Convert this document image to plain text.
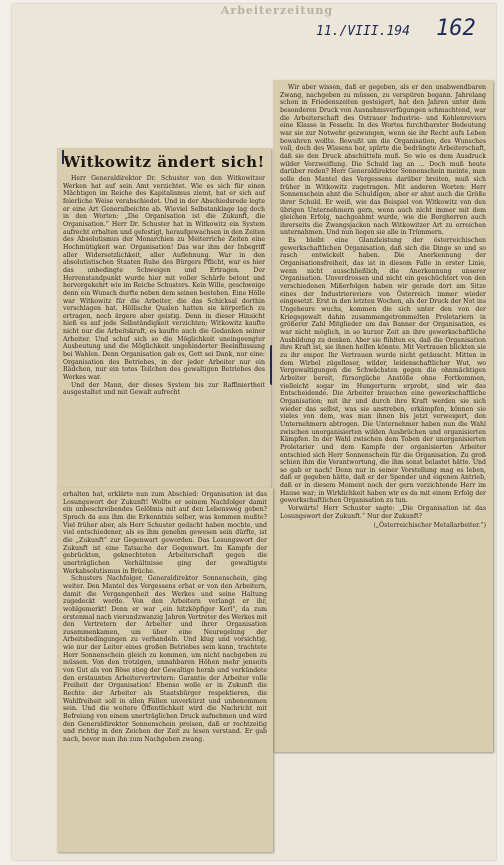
Arbeiterzeitung
11./VIII.194 162

Wir aber wissen, daß er gegeben, als er den unabwendbaren Zwang, nachgeben zu müssen, zu verspüren begann. Jahrelang schon in Friedenszeiten gesteigert, hat den Jahren unter dem besonderen Druck von Ausnahmsverfügungen schmachtend, war die Arbeiterschaft des Ostrauer Industrie- und Kohlenreviers eine Klasse in Fesseln. In des Wortes furchtbarster Bedeutung war sie zur Notwehr gezwungen, wenn sie ihr Recht aufs Leben bewahren wollte. Bewußt um die Organisation, des Wunsches voll, doch des Wissens bar, spürte die bedrängte Arbeiterschaft, daß sie den Druck abschütteln muß. So wie es dem Ausdruck wilder Verzweiflung. Die Schuld lag an ... Doch muß heute darüber reden? Herr Generaldirektor Sonnenschein meinte, man solle den Mantel des Vergessens darüber breiten, muß sich früher in Witkowitz zugetragen. Mit anderen Worten: Herr Sonnenschein ahnt die Schuldigen, aber er ahnt auch die Größe ihrer Schuld. Er weiß, wie das Beispiel von Witkowitz von den übrigen Unternehmern gern, wenn auch nicht immer mit dem gleichen Erfolg, nachgeahmt wurde, wie die Bergherren auch ihrerseits die Zwangsjacken nach Witkowitzer Art zu erreichen unternahmen. Und nun liegen sie alle in Trümmern.

Es bleibt eine Glanzleistung der österreichischen gewerkschaftlichen Organisation, daß sich die Dinge so und so rasch entwickelt haben. Die Anerkennung der Organisationsfreiheit, das ist in diesem Falle in erster Linie, wenn nicht ausschließlich, die Anerkennung unserer Organisation. Unverdrossen und nicht ein geschüchtert von den verschiedenen Mißerfolgen haben wir gerade dort am Sitze eines der Industriereviere von Österreich immer wieder eingesetzt. Erst in den letzten Wochen, als der Druck der Not ins Ungeheure wuchs, kommen die sich unter den von der Kriegsgewalt dahin zusammengetrommelten Proletariern in größerer Zahl Mitglieder um das Banner der Organisation, es war nicht möglich, in so kurzer Zeit an ihre gewerkschaftliche Ausbildung zu denken. Aber sie fühlten es, daß die Organisation ihre Kraft ist, sie ihnen helfen könnte. Mit Vertrauen blickten sie zu ihr empor. Ihr Vertrauen wurde nicht getäuscht. Mitten in dem Wirbel zügelloser, wilder, leidenschaftlicher Wut, wo Vergewaltigungen die Schwächsten gegen die ohnmächtigen Arbeiter bereit, fürsorgliche Anstöße ohne Fortkommen, vielleicht sogar im Hungerturm erprobt, sind wir das Entscheidende. Die Arbeiter brauchen eine gewerkschaftliche Organisation; mit ihr und durch ihre Kraft werden sie sich wieder das selbst, was sie anstreben, erkämpfen, können sie vieles von dem, was man ihnen bis jetzt verweigert, den Unternehmern abtrogen. Die Unternehmer haben nun die Wahl zwischen unorganisierten wilden Ausbrüchen und organisierten Kämpfen. In der Wahl zwischen dem Toben der unorganisierten Proletarier und dem Kampfe der organisierten Arbeiter entschied sich Herr Sonnenschein für die Organisation. Zu groß schien ihm die Verantwortung, die ihm sonst belastet hätte. Und so gab er nach! Denn nur in seiner Vorstellung mag es leben, daß er gegeben hätte, daß er der Spender und eigenen Antrieb, daß er in diesem Moment noch der gern verzichtende Herr im Hause war; in Wirklichkeit haben wir es da mit einem Erfolg der gewerkschaftlichen Organisation zu tun.

Vorwärts! Herr Schuster sagte: „Die Organisation ist das Losungswort der Zukunft.“ Nur der Zukunft?

(„Österreichischer Metallarbeiter.“)
Witkowitz ändert sich!

Herr Generaldirektor Dr. Schuster von den Witkowitzer Werken hat auf sein Amt verzichtet. Wie es sich für einen Mächtigen im Reiche des Kapitalismus ziemt, hat er sich auf feierliche Weise verabschiedet. Und in der Abschiedsrede legte er eine Art Generalbeichte ab. Wieviel Selbstanklage lag doch in den Worten: „Die Organisation ist die Zukunft, die Organisation.“ Herr Dr. Schuster hat in Witkowitz ein System aufrecht erhalten und gefestigt, heraufgewachsen in den Zeiten des Absolutismus der Monarchien zu Meiterriche Zeiten eine Hochmütigkeit war. Organisation! Das war ihm der Inbegriff aller Widersetzlichkeit, aller Auflehnung. War in den absolutistischen Staaten Ruhe des Bürgers Pflicht, war es hier das unbedingte Schweigen und Ertragen. Der Herrenstandpunkt wurde hier mit voller Schärfe betont und hervorgekehrt wie im Reiche Schusters. Kein Wille, geschweige denn ein Wunsch durfte neben dem seinen bestehen. Eine Hölle war Witkowitz für die Arbeiter, die das Schicksal dorthin verschlagen hat. Höllische Qualen hatten sie körperlich zu ertragen, noch ärgere aber geistig. Denn in dieser Hinsicht hieß es auf jede Selbständigkeit verzichten; Witkowitz kaufte nicht nur die Arbeitskraft, es kaufte auch die Gedanken seiner Arbeiter. Und schuf sich so die Möglichkeit uneingeengter Ausbeutung und die Möglichkeit ungehinderter Beeinflussung bei Wahlen. Denn Organisation gab es, Gott sei Dank, nur eine: Organisation des Betriebes, in der jeder Arbeiter nur ein Rädchen, nur ein totes Teilchen des gewaltigen Betriebes des Werkes war.

Und der Mann, der dieses System bis zur Raffiniertheit ausgestaltet und mit Gewalt aufrecht

erhalten hat, erklärte nun zum Abschied: Organisation ist das Losungswort der Zukunft! Wollte er seinem Nachfolger damit ein unbeschreibendes Gelöbnis mit auf den Lebensweg geben? Sprach da aus ihm die Erkenntnis selber, was kommen mußte? Viel früher aber, als Herr Schuster gedacht haben mochte, und viel entschiedener, als es ihm genehm gewesen sein dürfte, ist die „Zukunft“ zur Gegenwart geworden. Das Losungswort der Zukunft ist eine Tatsache der Gegenwart. Im Kampfe der gebrückten, geknechteten Arbeiterschaft gegen die unerträglichen Verhältnisse ging der gewaltigste Werkabsolutismus in Brüche.

Schusters Nachfolger, Generaldirektor Sonnenschein, ging weiter. Den Mantel des Vergessens erbat er von den Arbeitern, damit die Vergangenheit des Werkes und seine Haltung zugedeckt werde. Von den Arbeitern verlangt er ihr, wohlgemerkt! Denn er war „ein hitzköpfiger Kerl“, da zum erstenmal nach vierundzwanzig Jahren Vertreter des Werkes mit den Vertretern der Arbeiter und ihrer Organisation zusammenkamen, um über eine Neuregelung der Arbeitsbedingungen zu verhandeln. Und klug und vorsichtig, wie nur der Leiter eines großen Betriebes sein kann, trachtete Herr Sonnenschein gleich zu kommen, um nicht nachgeben zu müssen. Von den trotzigen, unnahbaren Höhen mehr jenseits von Gut als von Böse stieg der Gewaltige herab und verkündete den erstaunten Arbeitervertretern: Garantie der Arbeiter volle Freiheit der Organisation! Ebenso wolle er in Zukunft die Rechte der Arbeiter als Staatsbürger respektieren, die Wahlfreiheit soll in allen Fällen unverkürzt und unbenommen sein. Und die weitere Öffentlichkeit wird die Nachricht mit Befreiung von einem unerträglichen Druck aufnehmen und wird den Generaldirektor Sonnenschein preisen, daß er rechtzeitig und richtig in den Zeichen der Zeit zu lesen verstand. Er gab nach, bevor man ihn zum Nachgeben zwang.
